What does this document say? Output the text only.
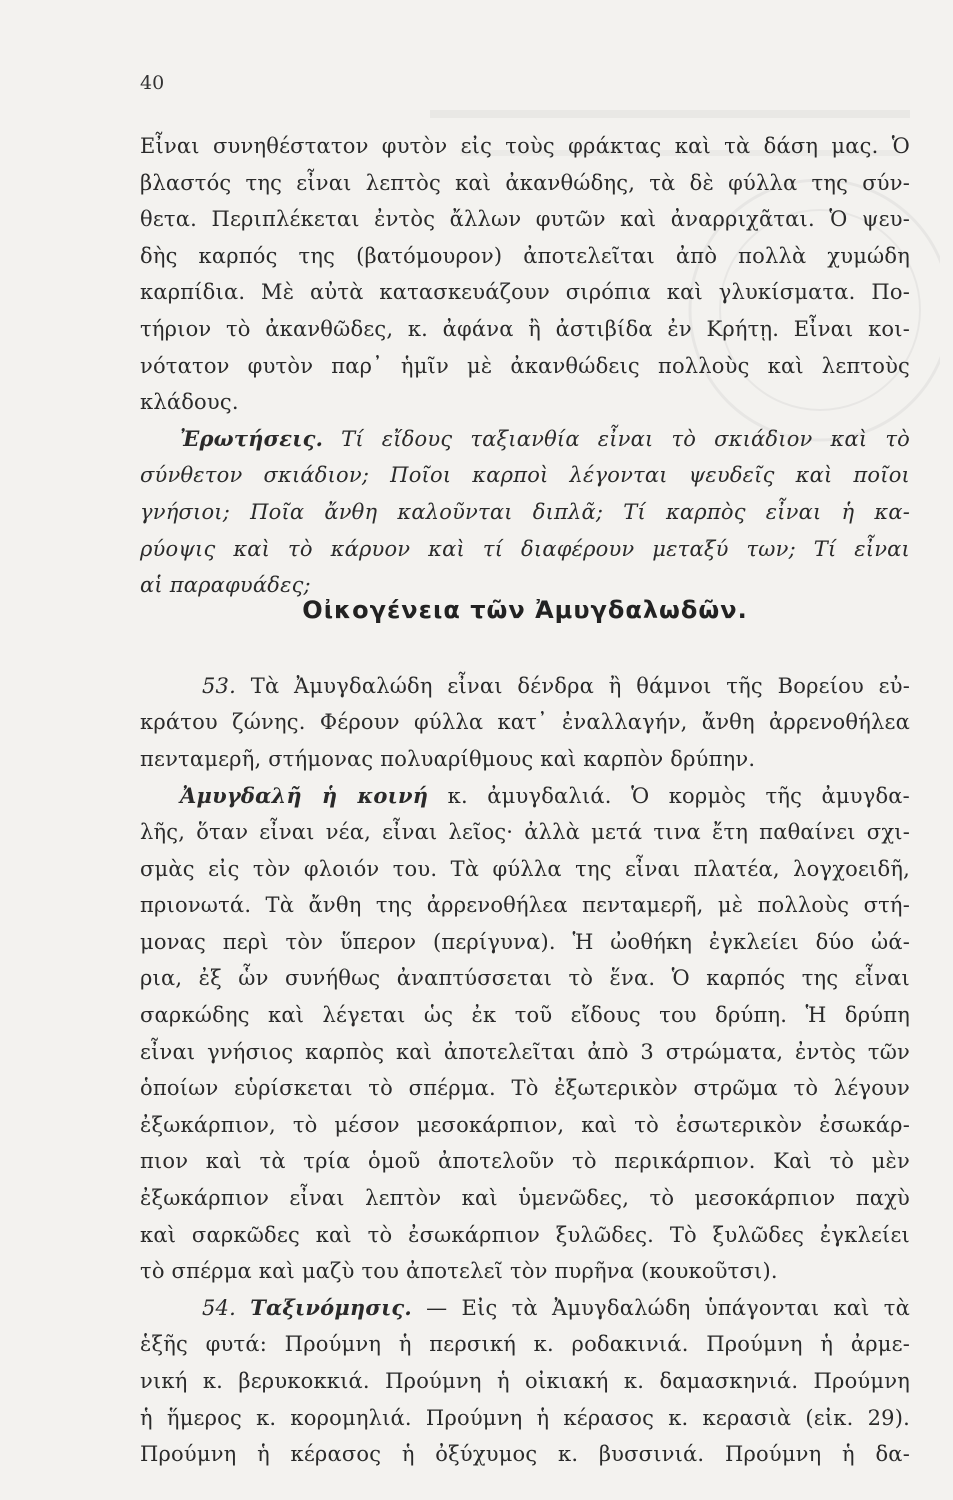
40
Εἶναι συνηθέστατον φυτὸν εἰς τοὺς φράκτας καὶ τὰ δάση μας. Ὁ
βλαστός της εἶναι λεπτὸς καὶ ἀκανθώδης, τὰ δὲ φύλλα της σύν-
θετα. Περιπλέκεται ἐντὸς ἄλλων φυτῶν καὶ ἀναρριχᾶται. Ὁ ψευ-
δὴς καρπός της (βατόμουρον) ἀποτελεῖται ἀπὸ πολλὰ χυμώδη
καρπίδια. Μὲ αὐτὰ κατασκευάζουν σιρόπια καὶ γλυκίσματα. Πο-
τήριον τὸ ἀκανθῶδες, κ. ἀφάνα ἢ ἀστιβίδα ἐν Κρήτῃ. Εἶναι κοι-
νότατον φυτὸν παρ᾽ ἡμῖν μὲ ἀκανθώδεις πολλοὺς καὶ λεπτοὺς
κλάδους.
Ἐρωτήσεις. Τί εἴδους ταξιανθία εἶναι τὸ σκιάδιον καὶ τὸ
σύνθετον σκιάδιον; Ποῖοι καρποὶ λέγονται ψευδεῖς καὶ ποῖοι
γνήσιοι; Ποῖα ἄνθη καλοῦνται διπλᾶ; Τί καρπὸς εἶναι ἡ κα-
ρύοψις καὶ τὸ κάρυον καὶ τί διαφέρουν μεταξύ των; Τί εἶναι
αἱ παραφυάδες;
Οἰκογένεια τῶν Ἀμυγδαλωδῶν.
53. Τὰ Ἀμυγδαλώδη εἶναι δένδρα ἢ θάμνοι τῆς Βορείου εὐ-
κράτου ζώνης. Φέρουν φύλλα κατ᾽ ἐναλλαγήν, ἄνθη ἀρρενοθήλεα
πενταμερῆ, στήμονας πολυαρίθμους καὶ καρπὸν δρύπην.
Ἀμυγδαλῆ ἡ κοινή κ. ἀμυγδαλιά. Ὁ κορμὸς τῆς ἀμυγδα-
λῆς, ὅταν εἶναι νέα, εἶναι λεῖος· ἀλλὰ μετά τινα ἔτη παθαίνει σχι-
σμὰς εἰς τὸν φλοιόν του. Τὰ φύλλα της εἶναι πλατέα, λογχοειδῆ,
πριονωτά. Τὰ ἄνθη της ἀρρενοθήλεα πενταμερῆ, μὲ πολλοὺς στή-
μονας περὶ τὸν ὕπερον (περίγυνα). Ἡ ὠοθήκη ἐγκλείει δύο ὠά-
ρια, ἐξ ὧν συνήθως ἀναπτύσσεται τὸ ἕνα. Ὁ καρπός της εἶναι
σαρκώδης καὶ λέγεται ὡς ἐκ τοῦ εἴδους του δρύπη. Ἡ δρύπη
εἶναι γνήσιος καρπὸς καὶ ἀποτελεῖται ἀπὸ 3 στρώματα, ἐντὸς τῶν
ὁποίων εὑρίσκεται τὸ σπέρμα. Τὸ ἐξωτερικὸν στρῶμα τὸ λέγουν
ἐξωκάρπιον, τὸ μέσον μεσοκάρπιον, καὶ τὸ ἐσωτερικὸν ἐσωκάρ-
πιον καὶ τὰ τρία ὁμοῦ ἀποτελοῦν τὸ περικάρπιον. Καὶ τὸ μὲν
ἐξωκάρπιον εἶναι λεπτὸν καὶ ὑμενῶδες, τὸ μεσοκάρπιον παχὺ
καὶ σαρκῶδες καὶ τὸ ἐσωκάρπιον ξυλῶδες. Τὸ ξυλῶδες ἐγκλείει
τὸ σπέρμα καὶ μαζὺ του ἀποτελεῖ τὸν πυρῆνα (κουκοῦτσι).
54. Ταξινόμησις. — Εἰς τὰ Ἀμυγδαλώδη ὑπάγονται καὶ τὰ
ἑξῆς φυτά: Προύμνη ἡ περσική κ. ροδακινιά. Προύμνη ἡ ἀρμε-
νική κ. βερυκοκκιά. Προύμνη ἡ οἰκιακή κ. δαμασκηνιά. Προύμνη
ἡ ἥμερος κ. κορομηλιά. Προύμνη ἡ κέρασος κ. κερασιὰ (εἰκ. 29).
Προύμνη ἡ κέρασος ἡ ὀξύχυμος κ. βυσσινιά. Προύμνη ἡ δα-
